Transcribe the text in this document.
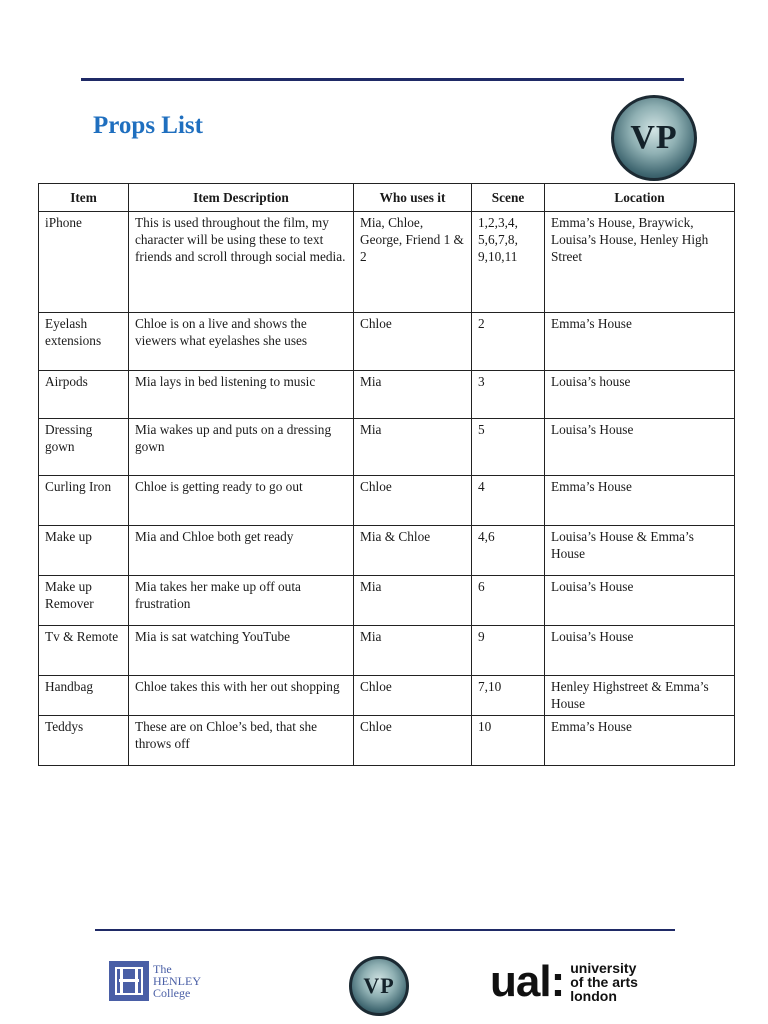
Props List	VP
Item	Item Description	Who uses it	Scene	Location
iPhone	This is used throughout the film, my character will be using these to text friends and scroll through social media.	Mia, Chloe, George, Friend 1 & 2	1,2,3,4, 5,6,7,8, 9,10,11	Emma’s House, Braywick, Louisa’s House, Henley High Street
Eyelash extensions	Chloe is on a live and shows the viewers what eyelashes she uses	Chloe	2	Emma’s House
Airpods	Mia lays in bed listening to music	Mia	3	Louisa’s house
Dressing gown	Mia wakes up and puts on a dressing gown	Mia	5	Louisa’s House
Curling Iron	Chloe is getting ready to go out	Chloe	4	Emma’s House
Make up	Mia and Chloe both get ready	Mia & Chloe	4,6	Louisa’s House & Emma’s House
Make up Remover	Mia takes her make up off outa frustration	Mia	6	Louisa’s House
Tv & Remote	Mia is sat watching YouTube	Mia	9	Louisa’s House
Handbag	Chloe takes this with her out shopping	Chloe	7,10	Henley Highstreet & Emma’s House
Teddys	These are on Chloe’s bed, that she throws off	Chloe	10	Emma’s House
The
HENLEY
College	VP ual: university
of the arts
london
